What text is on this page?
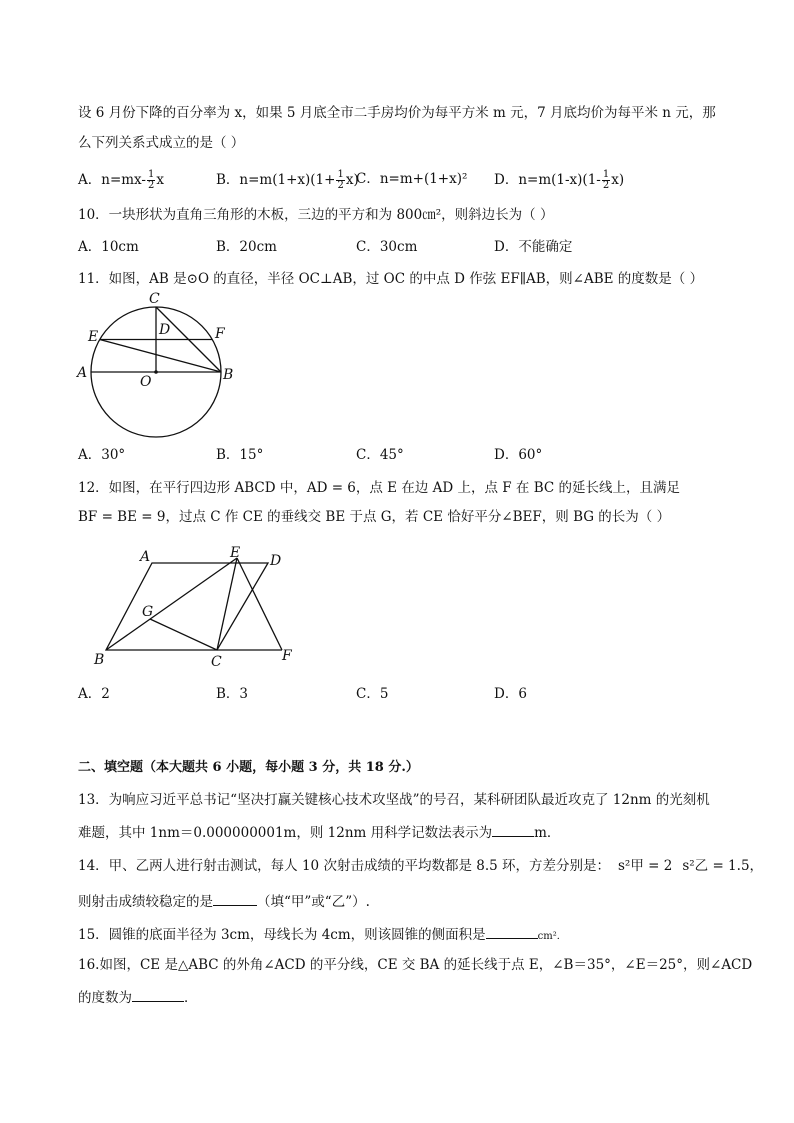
设 6 月份下降的百分率为 x，如果 5 月底全市二手房均价为每平方米 m 元，7 月底均价为每平米 n 元，那
么下列关系式成立的是（ ）
A．$n=mx- \frac{1}{2}$ x	B．$n=m(1+x)(1+ \frac{1}{2} x)$
C．n=m+(1+x)² D．$n=m(1-x)(1- \frac{1}{2} x)$
10．一块形状为直角三角形的木板，三边的平方和为 800㎝²，则斜边长为（ ）
A．10cm	B．20cm	C．30cm	D．不能确定
11．如图，AB 是⊙O 的直径，半径 OC⊥AB，过 OC 的中点 D 作弦 EF∥AB，则∠ABE 的度数是（ ）
C
D
E	F
A
O	B
A．30°	B．15°	C．45°	D．60°
12．如图，在平行四边形 ABCD 中，AD = 6，点 E 在边 AD 上，点 F 在 BC 的延长线上，且满足
BF = BE = 9，过点 C 作 CE 的垂线交 BE 于点 G，若 CE 恰好平分∠BEF，则 BG 的长为（ ）
A	E D
G
B	C	F
A．2	B．3	C．5	D．6
二、填空题（本大题共 6 小题，每小题 3 分，共 18 分.）
13．为响应习近平总书记“坚决打赢关键核心技术攻坚战”的号召，某科研团队最近攻克了 12nm 的光刻机
难题，其中 1nm＝0.000000001m，则 12nm 用科学记数法表示为	m．
14．甲、乙两人进行射击测试，每人 10 次射击成绩的平均数都是 8.5 环，方差分别是： s²甲 = 2 s²乙 = 1.5，
则射击成绩较稳定的是	（填“甲”或“乙”）.
15．圆锥的底面半径为 3cm，母线长为 4cm，则该圆锥的侧面积是	cm²．
16.如图，CE 是△ABC 的外角∠ACD 的平分线，CE 交 BA 的延长线于点 E，∠B＝35°，∠E＝25°，则∠ACD
的度数为	．
